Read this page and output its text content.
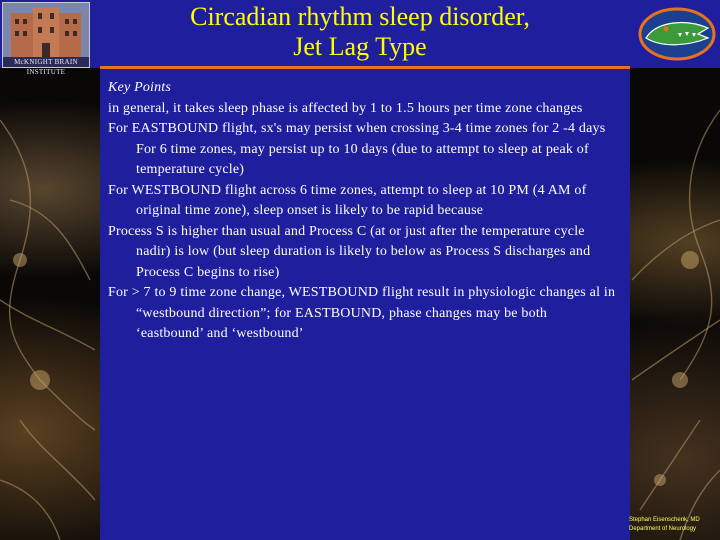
McKNIGHT BRAIN INSTITUTE
Circadian rhythm sleep disorder,
Jet Lag Type

Key Points

in general, it takes sleep phase is affected by 1 to 1.5 hours per time zone changes

For EASTBOUND flight, sx's may persist when crossing 3-4 time zones for 2 -4 days

For 6 time zones, may persist up to 10 days (due to attempt to sleep at peak of temperature cycle)

For WESTBOUND flight across 6 time zones, attempt to sleep at 10 PM (4 AM of original time zone), sleep onset is likely to be rapid because

Process S is higher than usual and Process C (at or just after the temperature cycle nadir) is low (but sleep duration is likely to below as Process S discharges and Process C begins to rise)

For > 7 to 9 time zone change, WESTBOUND flight result in physiologic changes al in “westbound direction”; for EASTBOUND, phase changes may be both ‘eastbound’ and ‘westbound’

Stephan Eisenschenk, MD
Department of Neurology
